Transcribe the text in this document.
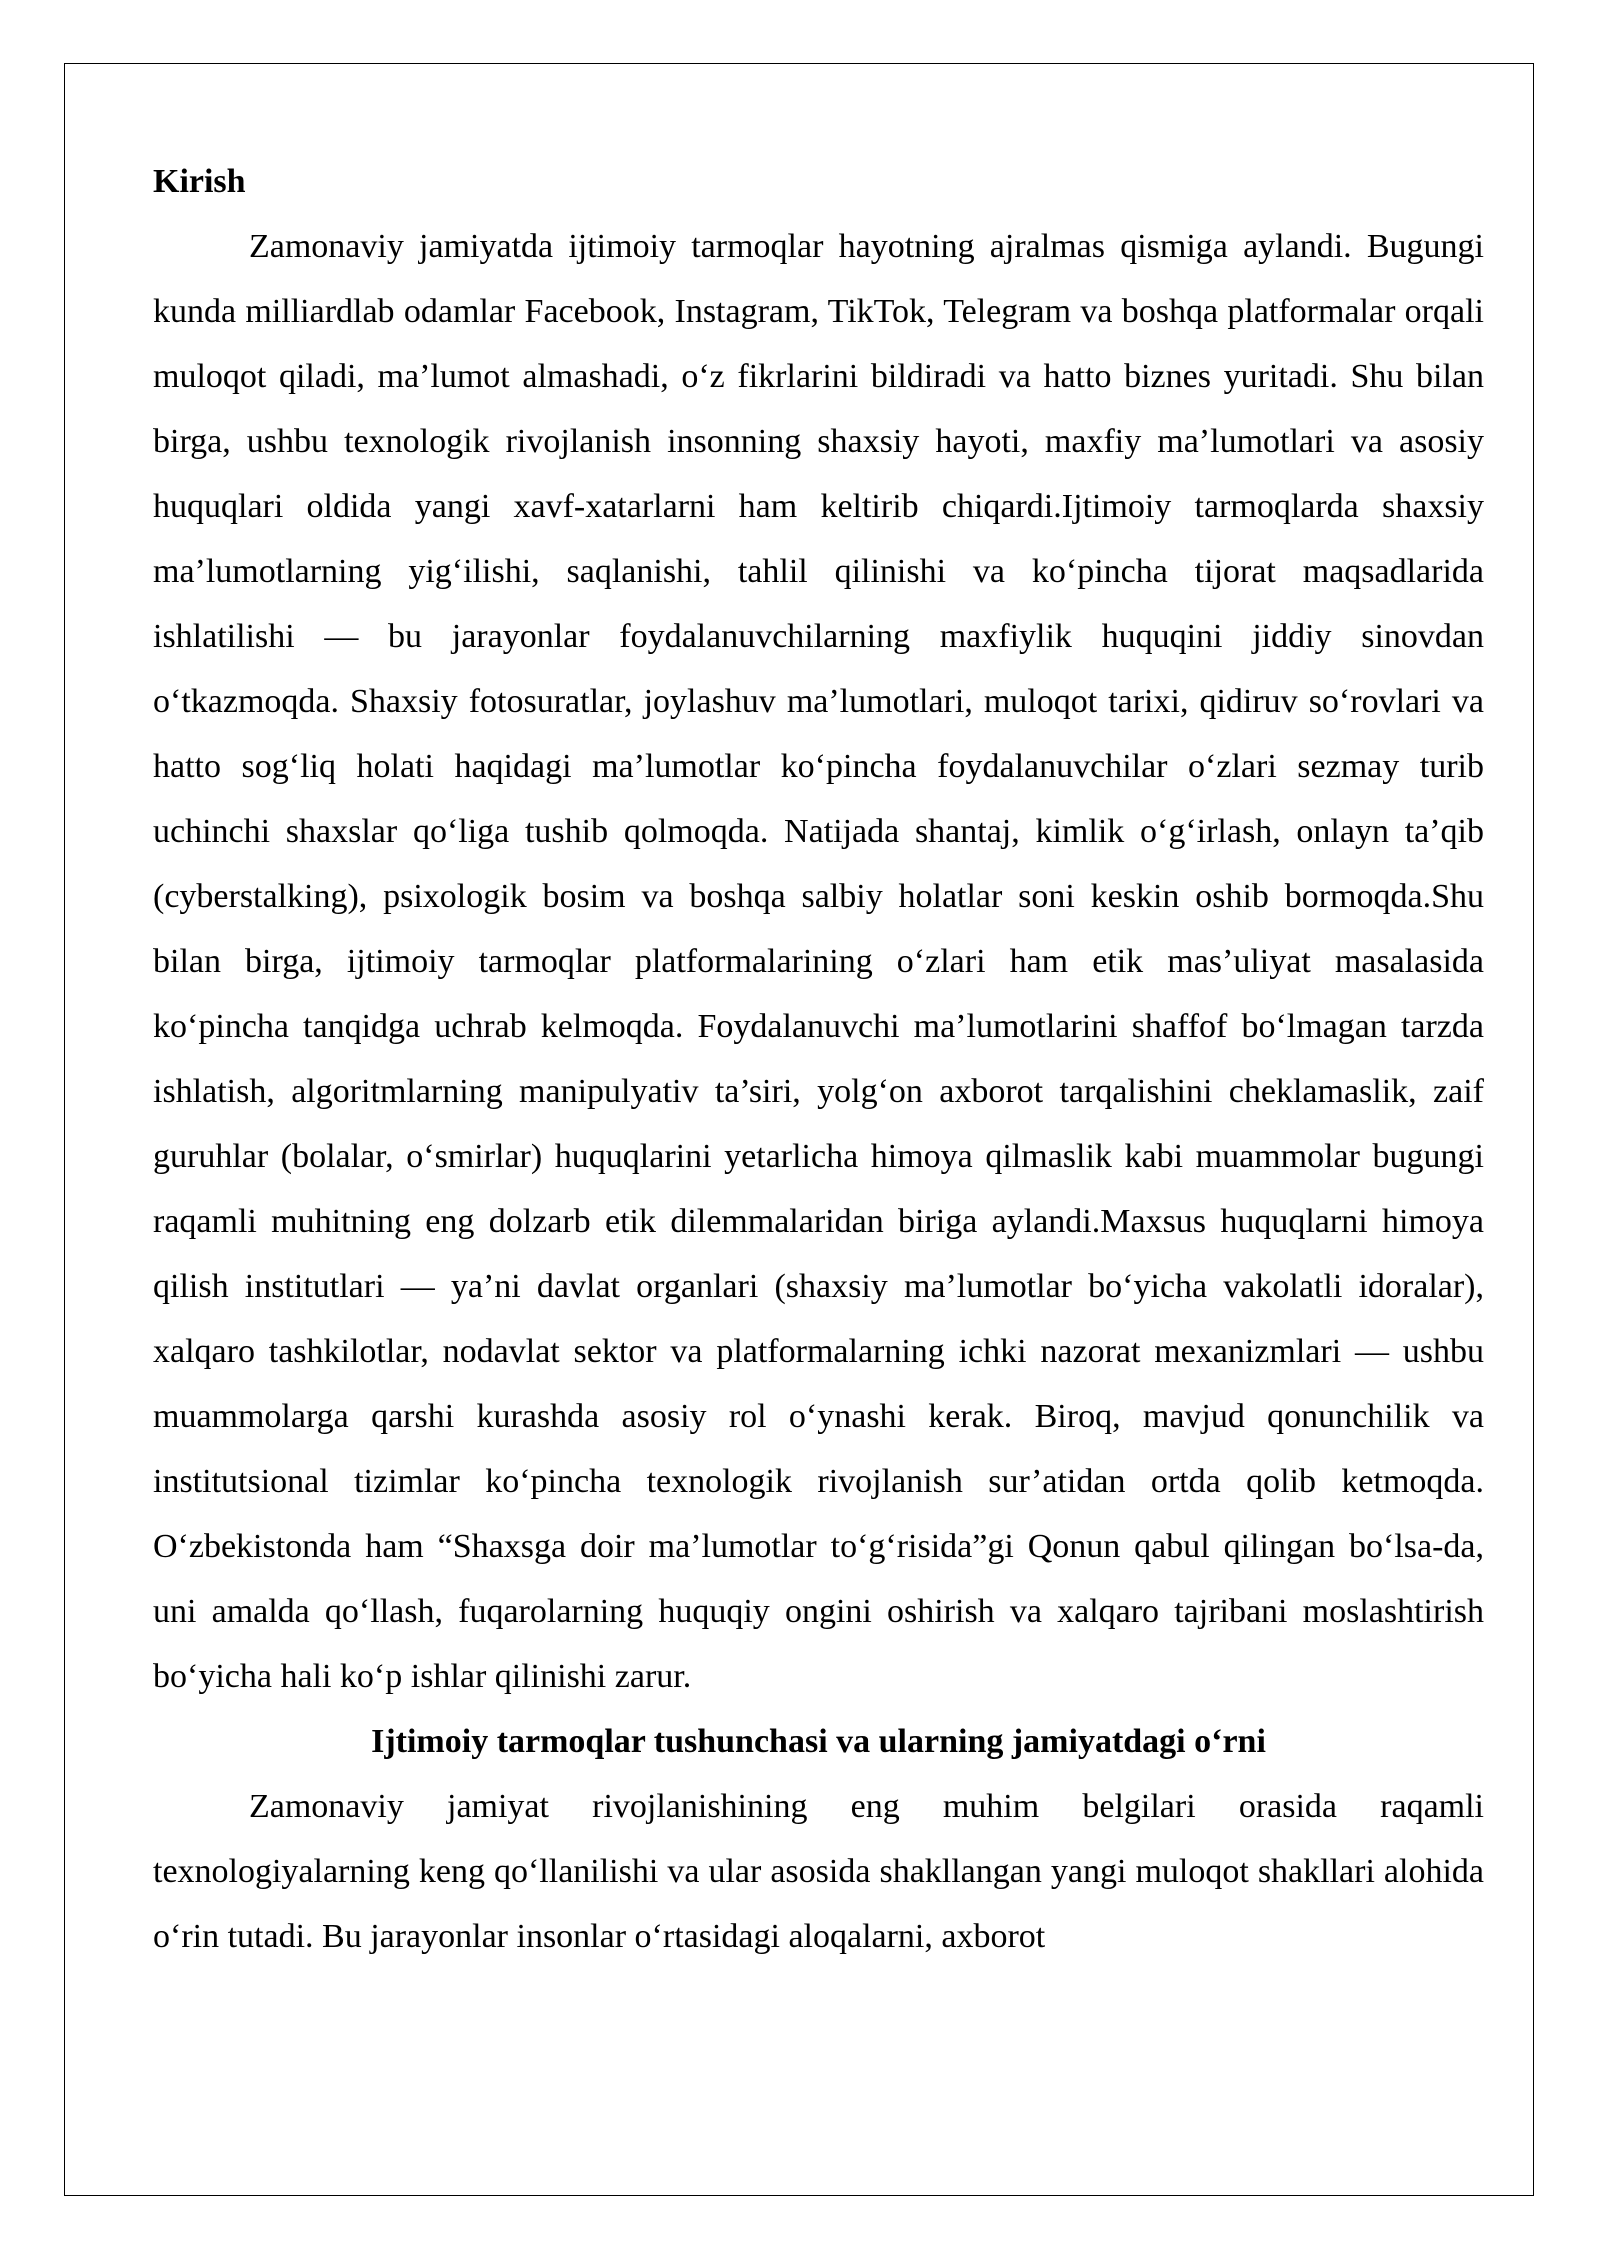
Kirish

Zamonaviy jamiyatda ijtimoiy tarmoqlar hayotning ajralmas qismiga aylandi. Bugungi kunda milliardlab odamlar Facebook, Instagram, TikTok, Telegram va boshqa platformalar orqali muloqot qiladi, ma’lumot almashadi, o‘z fikrlarini bildiradi va hatto biznes yuritadi. Shu bilan birga, ushbu texnologik rivojlanish insonning shaxsiy hayoti, maxfiy ma’lumotlari va asosiy huquqlari oldida yangi xavf-xatarlarni ham keltirib chiqardi.Ijtimoiy tarmoqlarda shaxsiy ma’lumotlarning yig‘ilishi, saqlanishi, tahlil qilinishi va ko‘pincha tijorat maqsadlarida ishlatilishi — bu jarayonlar foydalanuvchilarning maxfiylik huquqini jiddiy sinovdan o‘tkazmoqda. Shaxsiy fotosuratlar, joylashuv ma’lumotlari, muloqot tarixi, qidiruv so‘rovlari va hatto sog‘liq holati haqidagi ma’lumotlar ko‘pincha foydalanuvchilar o‘zlari sezmay turib uchinchi shaxslar qo‘liga tushib qolmoqda. Natijada shantaj, kimlik o‘g‘irlash, onlayn ta’qib (cyberstalking), psixologik bosim va boshqa salbiy holatlar soni keskin oshib bormoqda.Shu bilan birga, ijtimoiy tarmoqlar platformalarining o‘zlari ham etik mas’uliyat masalasida ko‘pincha tanqidga uchrab kelmoqda. Foydalanuvchi ma’lumotlarini shaffof bo‘lmagan tarzda ishlatish, algoritmlarning manipulyativ ta’siri, yolg‘on axborot tarqalishini cheklamaslik, zaif guruhlar (bolalar, o‘smirlar) huquqlarini yetarlicha himoya qilmaslik kabi muammolar bugungi raqamli muhitning eng dolzarb etik dilemmalaridan biriga aylandi.Maxsus huquqlarni himoya qilish institutlari — ya’ni davlat organlari (shaxsiy ma’lumotlar bo‘yicha vakolatli idoralar), xalqaro tashkilotlar, nodavlat sektor va platformalarning ichki nazorat mexanizmlari — ushbu muammolarga qarshi kurashda asosiy rol o‘ynashi kerak. Biroq, mavjud qonunchilik va institutsional tizimlar ko‘pincha texnologik rivojlanish sur’atidan ortda qolib ketmoqda. O‘zbekistonda ham “Shaxsga doir ma’lumotlar to‘g‘risida”gi Qonun qabul qilingan bo‘lsa-da, uni amalda qo‘llash, fuqarolarning huquqiy ongini oshirish va xalqaro tajribani moslashtirish bo‘yicha hali ko‘p ishlar qilinishi zarur.

Ijtimoiy tarmoqlar tushunchasi va ularning jamiyatdagi o‘rni

Zamonaviy jamiyat rivojlanishining eng muhim belgilari orasida raqamli texnologiyalarning keng qo‘llanilishi va ular asosida shakllangan yangi muloqot shakllari alohida o‘rin tutadi. Bu jarayonlar insonlar o‘rtasidagi aloqalarni, axborot
